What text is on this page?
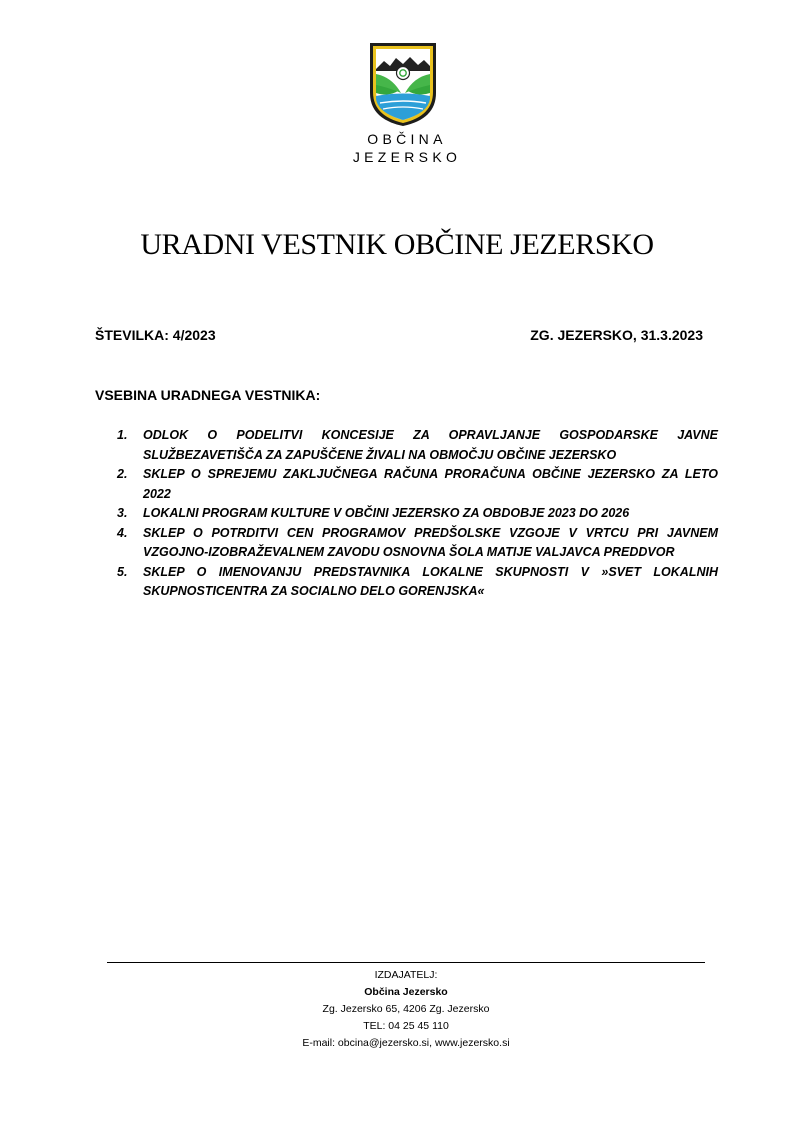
OBČINA
JEZERSKO
URADNI VESTNIK OBČINE JEZERSKO
ŠTEVILKA: 4/2023	ZG. JEZERSKO, 31.3.2023
VSEBINA URADNEGA VESTNIKA:
1. ODLOK O PODELITVI KONCESIJE ZA OPRAVLJANJE GOSPODARSKE JAVNE SLUŽBEZAVETIŠČA ZA ZAPUŠČENE ŽIVALI NA OBMOČJU OBČINE JEZERSKO
2. SKLEP O SPREJEMU ZAKLJUČNEGA RAČUNA PRORAČUNA OBČINE JEZERSKO ZA LETO 2022
3. LOKALNI PROGRAM KULTURE V OBČINI JEZERSKO ZA OBDOBJE 2023 DO 2026
4. SKLEP O POTRDITVI CEN PROGRAMOV PREDŠOLSKE VZGOJE V VRTCU PRI JAVNEM VZGOJNO-IZOBRAŽEVALNEM ZAVODU OSNOVNA ŠOLA MATIJE VALJAVCA PREDDVOR
5. SKLEP O IMENOVANJU PREDSTAVNIKA LOKALNE SKUPNOSTI V »SVET LOKALNIH SKUPNOSTICENTRA ZA SOCIALNO DELO GORENJSKA«
IZDAJATELJ:
Občina Jezersko
Zg. Jezersko 65, 4206 Zg. Jezersko
TEL: 04 25 45 110
E-mail: obcina@jezersko.si, www.jezersko.si
